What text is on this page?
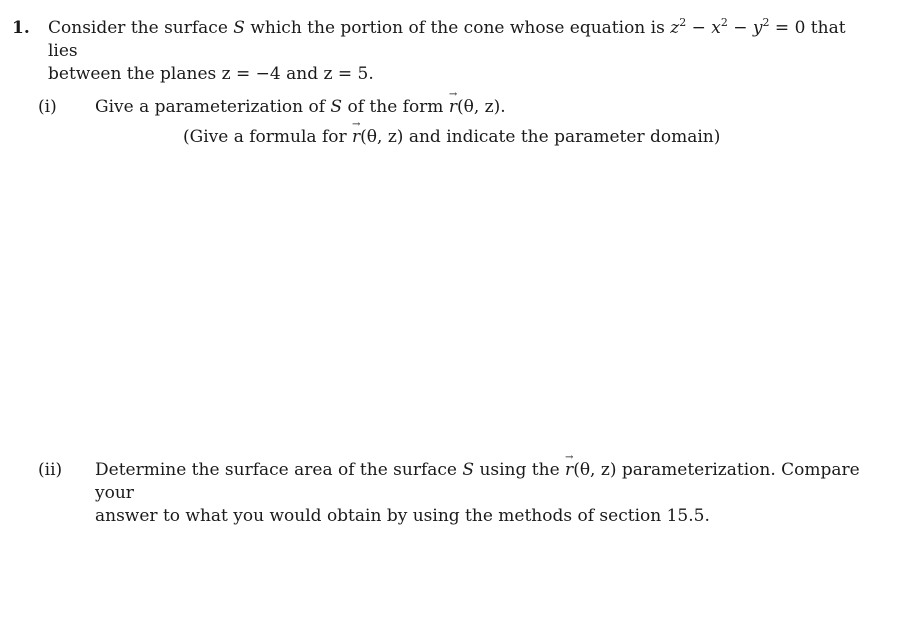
1. Consider the surface S which the portion of the cone whose equation is $z^2 - x^2 - y^2 = 0$ that lies
between the planes z = −4 and z = 5.
(i) Give a parameterization of S of the form → r(θ, z).
(Give a formula for → r(θ, z) and indicate the parameter domain)
(ii) Determine the surface area of the surface S using the → r(θ, z) parameterization. Compare your
answer to what you would obtain by using the methods of section 15.5.
